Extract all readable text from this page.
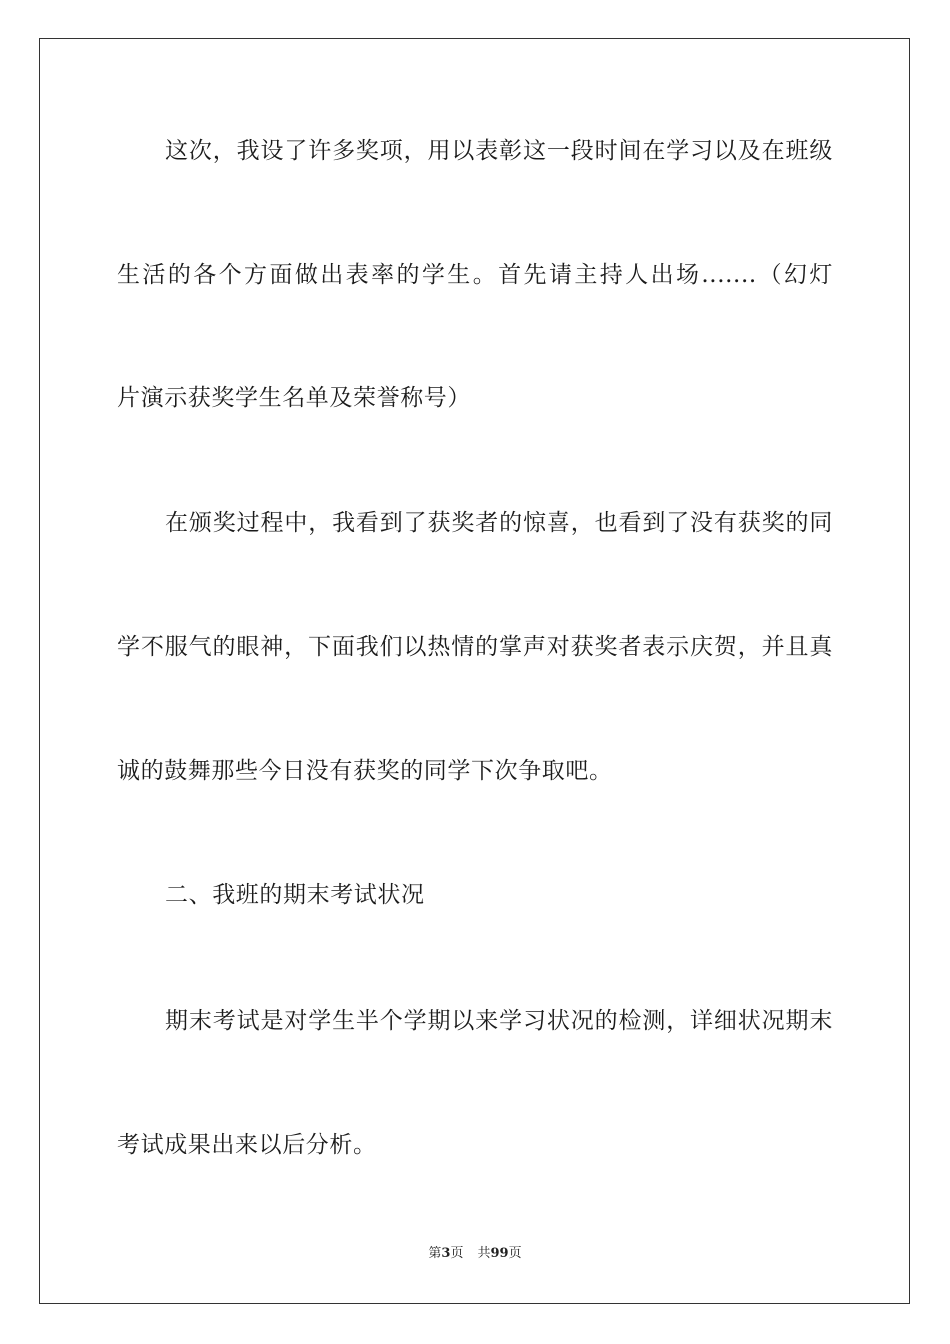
这次，我设了许多奖项，用以表彰这一段时间在学习以及在班级
生活的各个方面做出表率的学生。首先请主持人出场.......（幻灯
片演示获奖学生名单及荣誉称号）
在颁奖过程中，我看到了获奖者的惊喜，也看到了没有获奖的同
学不服气的眼神，下面我们以热情的掌声对获奖者表示庆贺，并且真
诚的鼓舞那些今日没有获奖的同学下次争取吧。
二、我班的期末考试状况
期末考试是对学生半个学期以来学习状况的检测，详细状况期末
考试成果出来以后分析。
第3页 共99页
